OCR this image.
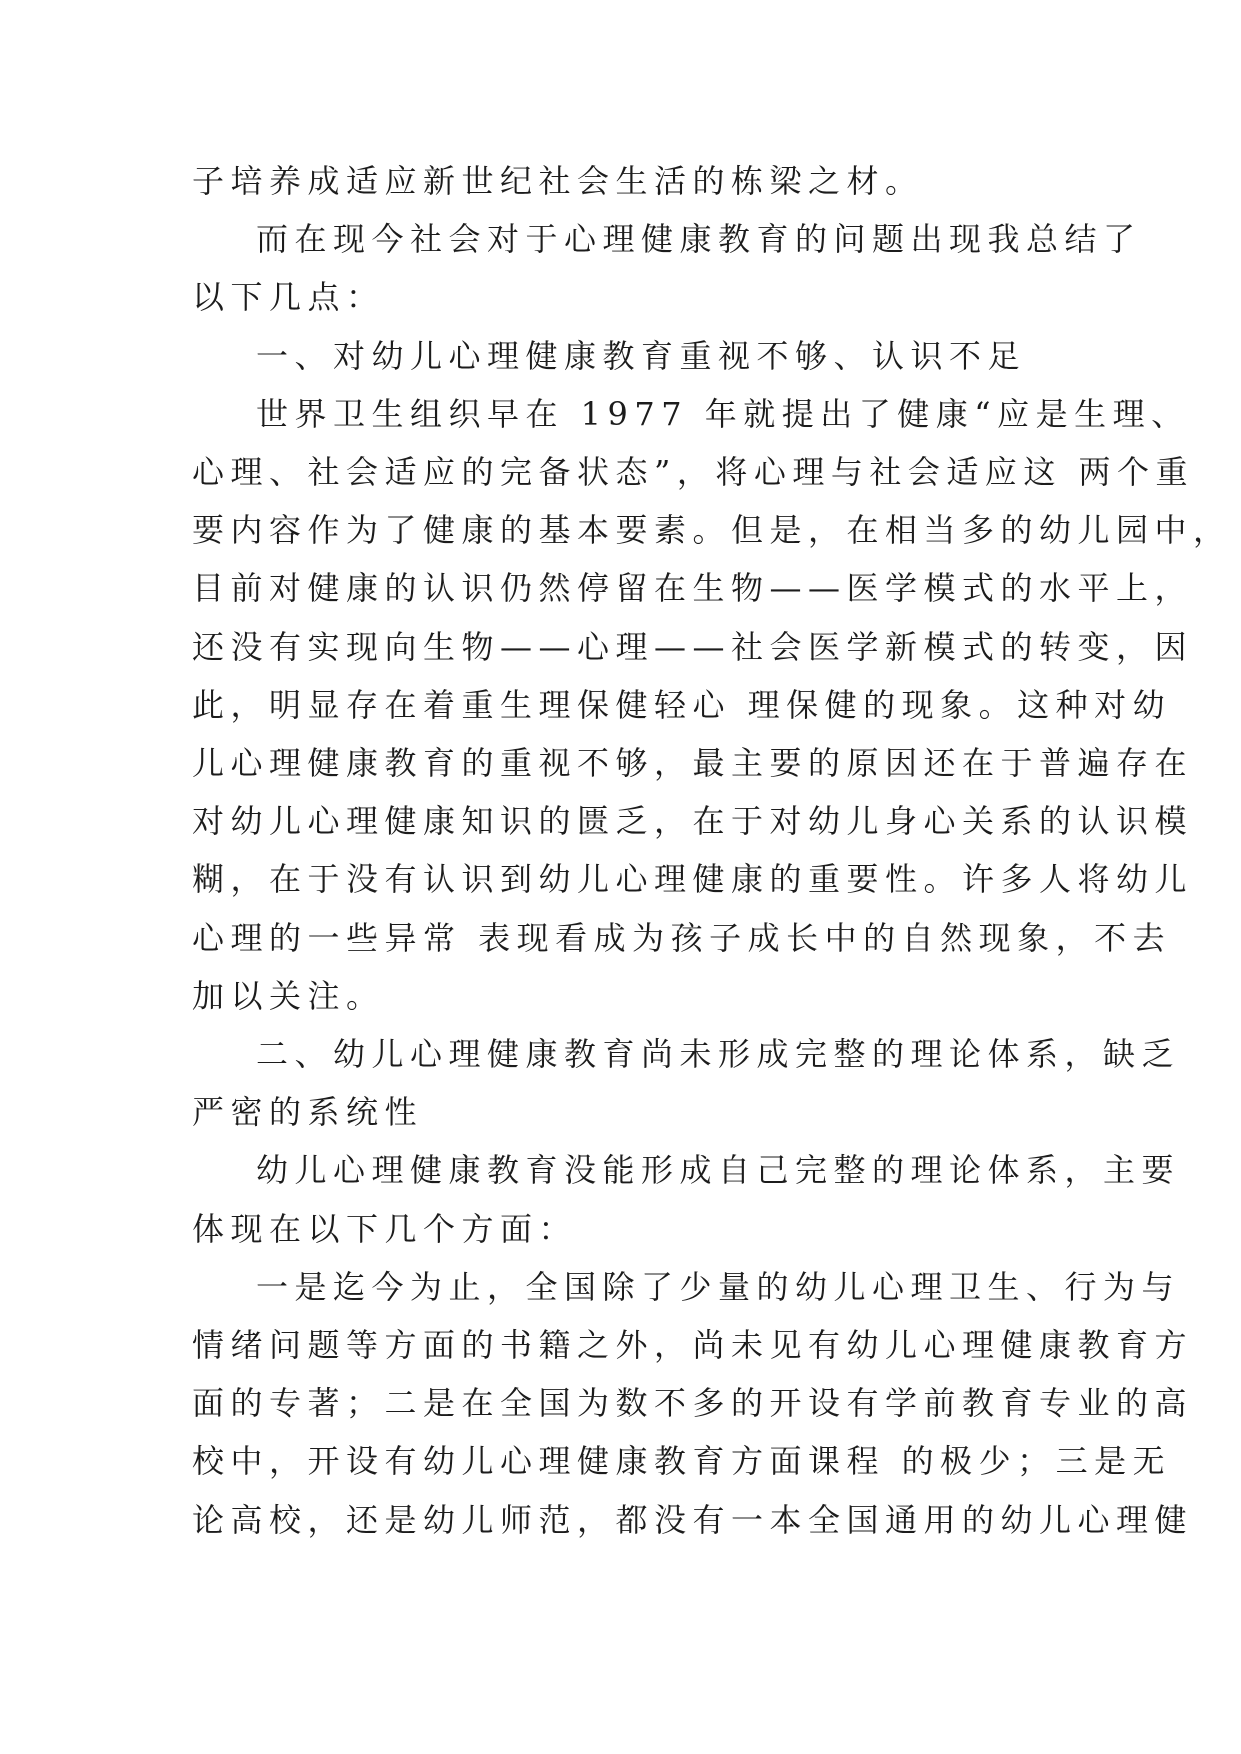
子培养成适应新世纪社会生活的栋梁之材。

而在现今社会对于心理健康教育的问题出现我总结了
以下几点：

一、对幼儿心理健康教育重视不够、认识不足

世界卫生组织早在 1977 年就提出了健康“应是生理、
心理、社会适应的完备状态”，将心理与社会适应这 两个重
要内容作为了健康的基本要素。但是，在相当多的幼儿园中，
目前对健康的认识仍然停留在生物——医学模式的水平上，
还没有实现向生物——心理——社会医学新模式的转变，因
此，明显存在着重生理保健轻心 理保健的现象。这种对幼
儿心理健康教育的重视不够，最主要的原因还在于普遍存在
对幼儿心理健康知识的匮乏，在于对幼儿身心关系的认识模
糊，在于没有认识到幼儿心理健康的重要性。许多人将幼儿
心理的一些异常 表现看成为孩子成长中的自然现象，不去
加以关注。

二、幼儿心理健康教育尚未形成完整的理论体系，缺乏
严密的系统性

幼儿心理健康教育没能形成自己完整的理论体系，主要
体现在以下几个方面：

一是迄今为止，全国除了少量的幼儿心理卫生、行为与
情绪问题等方面的书籍之外，尚未见有幼儿心理健康教育方
面的专著；二是在全国为数不多的开设有学前教育专业的高
校中，开设有幼儿心理健康教育方面课程 的极少；三是无
论高校，还是幼儿师范，都没有一本全国通用的幼儿心理健
